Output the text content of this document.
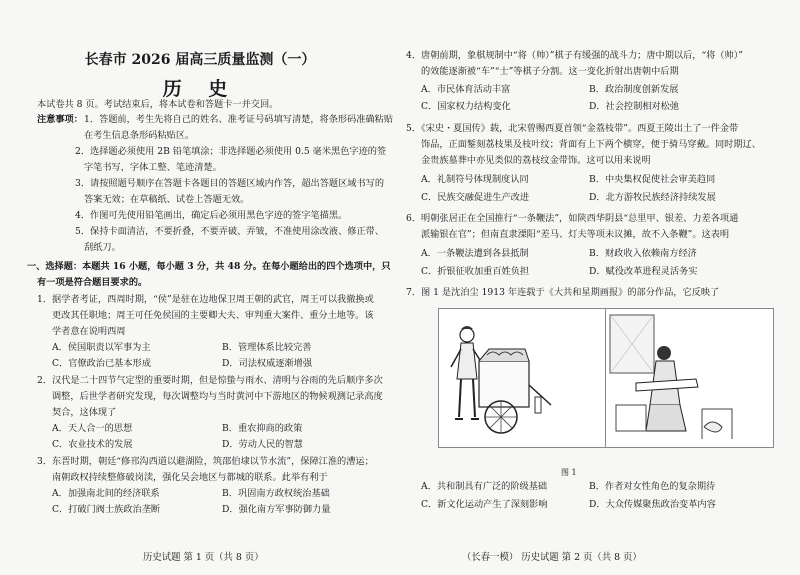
长春市 2026 届高三质量监测（一）
历 史
本试卷共 8 页。考试结束后，将本试卷和答题卡一并交回。
注意事项： 1．答题前，考生先将自己的姓名、准考证号码填写清楚，将条形码准确粘贴
在考生信息条形码粘贴区。
2．选择题必须使用 2B 铅笔填涂；非选择题必须使用 0.5 毫米黑色字迹的签
字笔书写，字体工整、笔迹清楚。
3．请按照题号顺序在答题卡各题目的答题区域内作答，超出答题区域书写的
答案无效；在草稿纸、试卷上答题无效。
4．作图可先使用铅笔画出，确定后必须用黑色字迹的签字笔描黑。
5．保持卡面清洁，不要折叠，不要弄破、弄皱，不准使用涂改液、修正带、
刮纸刀。
一、选择题：本题共 16 小题，每小题 3 分，共 48 分。在每小题给出的四个选项中，只
有一项是符合题目要求的。
1．据学者考证，西周时期，“侯”是驻在边地保卫周王朝的武官，周王可以我撤换或
更改其任职地；周王可任免侯国的主要卿大夫、审判重大案件、重分土地等。该
学者意在说明西周
A．侯国职责以军事为主	B．管理体系比较完善
C．官僚政治已基本形成	D．司法权威逐渐增强
2．汉代是二十四节气定型的重要时期，但是惊蛰与雨水、清明与谷雨的先后顺序多次
调整，后世学者研究发现，每次调整均与当时黄河中下游地区的物候观测记录高度
契合，这体现了
A．天人合一的思想	B．重农抑商的政策
C．农业技术的发展	D．劳动人民的智慧
3．东晋时期，朝廷“修邗沟西道以避湖险，筑邵伯埭以节水流”，保障江淮的漕运；
南朝政权持续整修破岗渎，强化吴会地区与都城的联系。此举有利于
A．加强南北间的经济联系	B．巩固南方政权统治基础
C．打破门阀士族政治垄断	D．强化南方军事防御力量
历史试题 第 1 页（共 8 页）
4．唐朝前期，象棋规制中“将（帅）”棋子有缓强的战斗力；唐中期以后，“将（帅）”
的效能逐渐被“车”“士”等棋子分割。这一变化折射出唐朝中后期
A．市民体育活动丰富	B．政治制度创新发展
C．国家权力结构变化	D．社会控制相对松弛
5．《宋史・夏国传》载，北宋曾赐西夏首领“金荔枝带”。西夏王陵出土了一件金带
饰品，正面錾刻荔枝果及枝叶纹；背面有上下两个横穿，便于骑马穿戴。同时期辽、
金贵族墓葬中亦见类似的荔枝纹金带饰。这可以用来说明
A．礼制符号体现制度认同	B．中央集权促使社会审美趋同
C．民族交融促进生产改进	D．北方游牧民族经济持续发展
6．明朝张居正在全国推行“一条鞭法”，如陕西华阴县“总里甲、银差、力差各项通
派输银在官”；但南直隶溧阳“差马、灯夫等项未议摊，故不入条鞭”。这表明
A．一条鞭法遭到各县抵制	B．财政收入依赖南方经济
C．折银征收加重百姓负担	D．赋役改革进程灵活务实
7．图 1 是沈泊尘 1913 年连载于《大共和星期画报》的部分作品，它反映了
A．共和制具有广泛的阶级基础	B．作者对女性角色的复杂期待
C．新文化运动产生了深刻影响	D．大众传媒聚焦政治变革内容
（长春一模） 历史试题 第 2 页（共 8 页）
图 1
